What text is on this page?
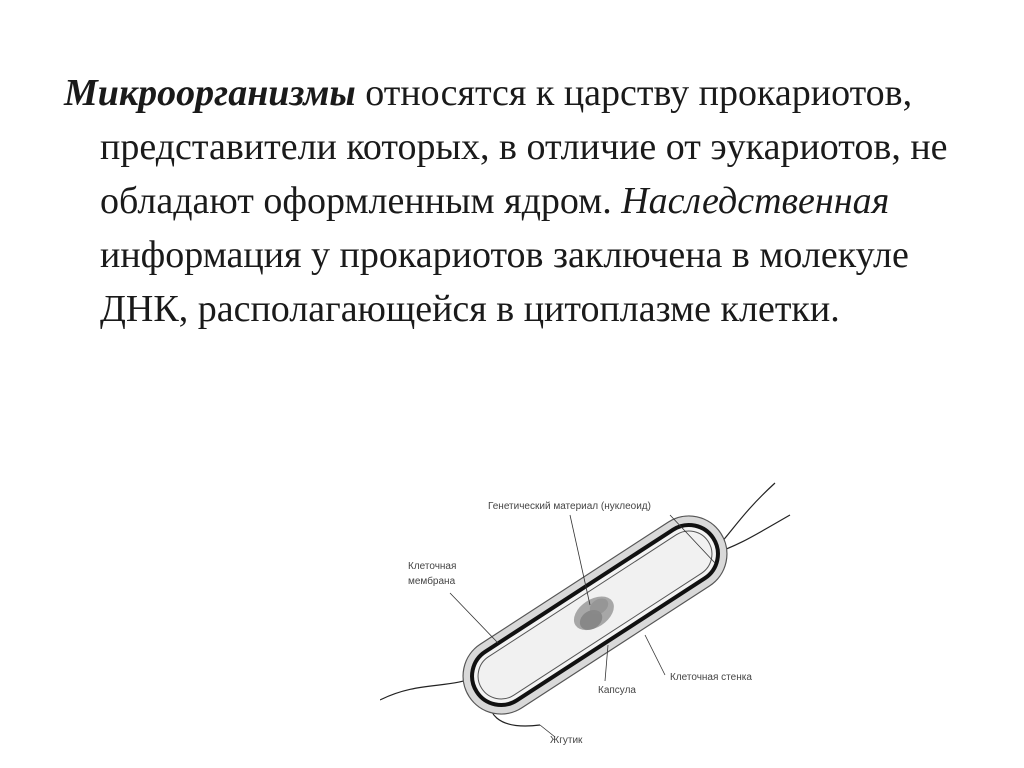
Микроорганизмы относятся к царству прокариотов, представители которых, в отличие от эукариотов, не обладают оформленным ядром. Наследственная информация у прокариотов заключена в молекуле ДНК, располагающейся в цитоплазме клетки.

Генетический материал (нуклеоид)
Клеточная
мембрана
Капсула
Клеточная стенка
Жгутик
